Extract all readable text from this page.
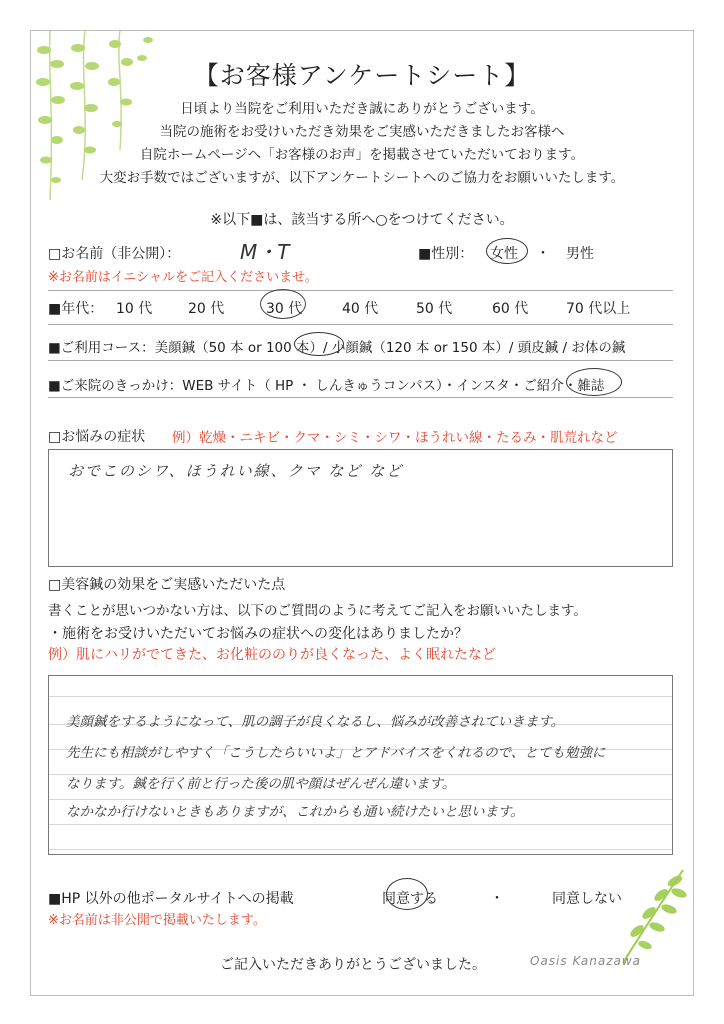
【お客様アンケートシート】
日頃より当院をご利用いただき誠にありがとうございます。
当院の施術をお受けいただき効果をご実感いただきましたお客様へ
自院ホームページへ「お客様のお声」を掲載させていただいております。
大変お手数ではございますが、以下アンケートシートへのご協力をお願いいたします。
※以下■は、該当する所へ○をつけてください。
□お名前（非公開）：	M・T	■性別： 女性 ・ 男性
※お名前はイニシャルをご記入くださいませ。
■年代： 10 代	20 代	30 代	40 代	50 代	60 代	70 代以上
■ご利用コース：美顔鍼（50 本 or 100 本）/ 小顔鍼（120 本 or 150 本）/ 頭皮鍼 / お体の鍼
■ご来院のきっかけ：WEB サイト（ HP ・ しんきゅうコンパス）・インスタ・ご紹介・雑誌
□お悩みの症状 例）乾燥・ニキビ・クマ・シミ・シワ・ほうれい線・たるみ・肌荒れなど
おでこのシワ、ほうれい線、クマ など など
□美容鍼の効果をご実感いただいた点
書くことが思いつかない方は、以下のご質問のように考えてご記入をお願いいたします。
・施術をお受けいただいてお悩みの症状への変化はありましたか？
例）肌にハリがでてきた、お化粧ののりが良くなった、よく眠れたなど
美顔鍼をするようになって、肌の調子が良くなるし、悩みが改善されていきます。
先生にも相談がしやすく「こうしたらいいよ」とアドバイスをくれるので、とても勉強に
なります。鍼を行く前と行った後の肌や顔はぜんぜん違います。
なかなか行けないときもありますが、これからも通い続けたいと思います。
■HP 以外の他ポータルサイトへの掲載	同意する	・	同意しない
※お名前は非公開で掲載いたします。
ご記入いただきありがとうございました。	Oasis Kanazawa
